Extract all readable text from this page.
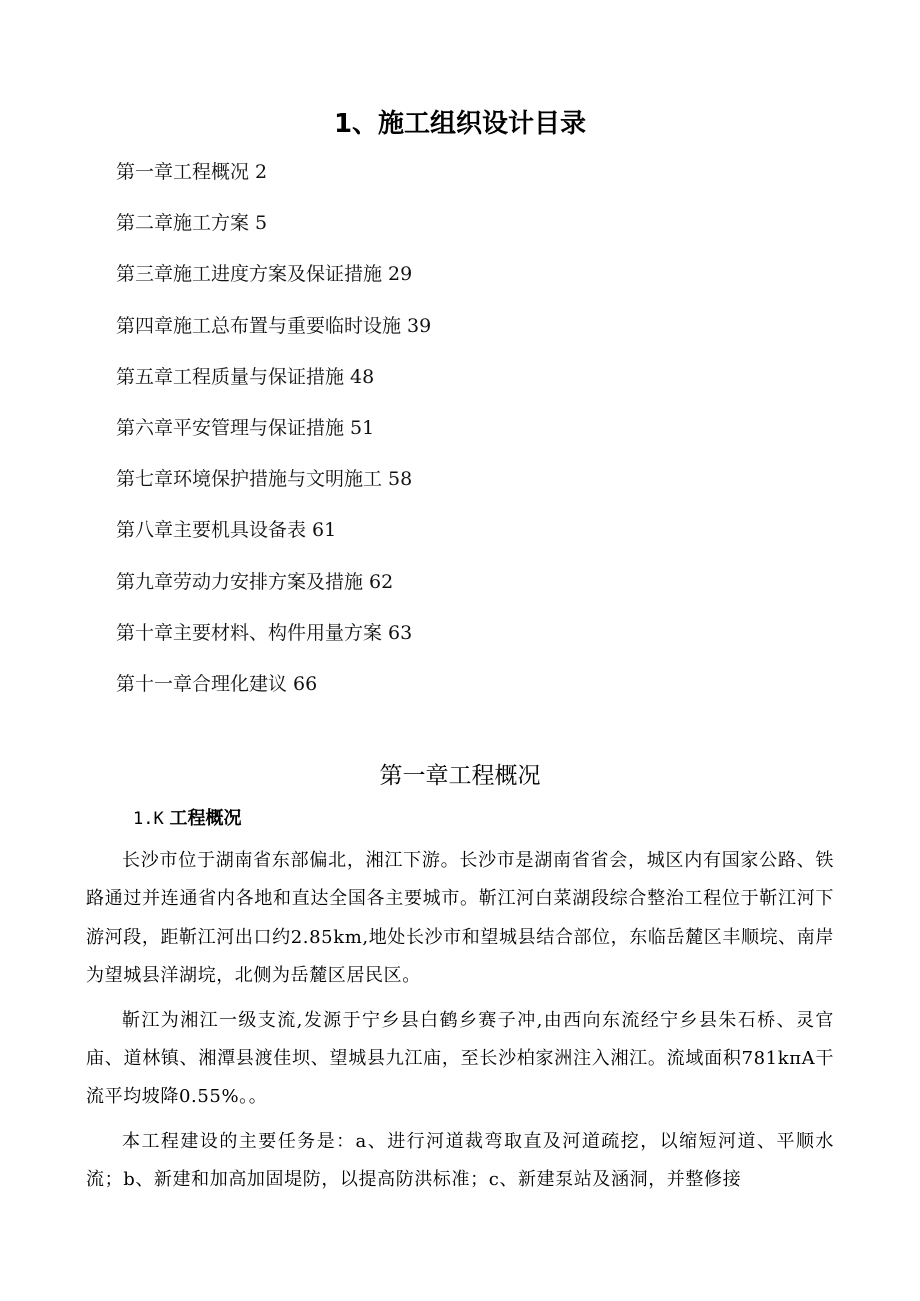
1、施工组织设计目录
第一章工程概况 2
第二章施工方案 5
第三章施工进度方案及保证措施 29
第四章施工总布置与重要临时设施 39
第五章工程质量与保证措施 48
第六章平安管理与保证措施 51
第七章环境保护措施与文明施工 58
第八章主要机具设备表 61
第九章劳动力安排方案及措施 62
第十章主要材料、构件用量方案 63
第十一章合理化建议 66
第一章工程概况
1.K 工程概况

长沙市位于湖南省东部偏北，湘江下游。长沙市是湖南省省会，城区内有国家公路、铁路通过并连通省内各地和直达全国各主要城市。靳江河白菜湖段综合整治工程位于靳江河下游河段，距靳江河出口约2.85km,地处长沙市和望城县结合部位，东临岳麓区丰顺垸、南岸为望城县洋湖垸，北侧为岳麓区居民区。

靳江为湘江一级支流,发源于宁乡县白鹤乡赛子冲,由西向东流经宁乡县朱石桥、灵官庙、道林镇、湘潭县渡佳坝、望城县九江庙，至长沙柏家洲注入湘江。流域面积781kπA干流平均坡降0.55%。。

本工程建设的主要任务是：a、进行河道裁弯取直及河道疏挖，以缩短河道、平顺水流；b、新建和加高加固堤防，以提高防洪标准；c、新建泵站及涵洞，并整修接
